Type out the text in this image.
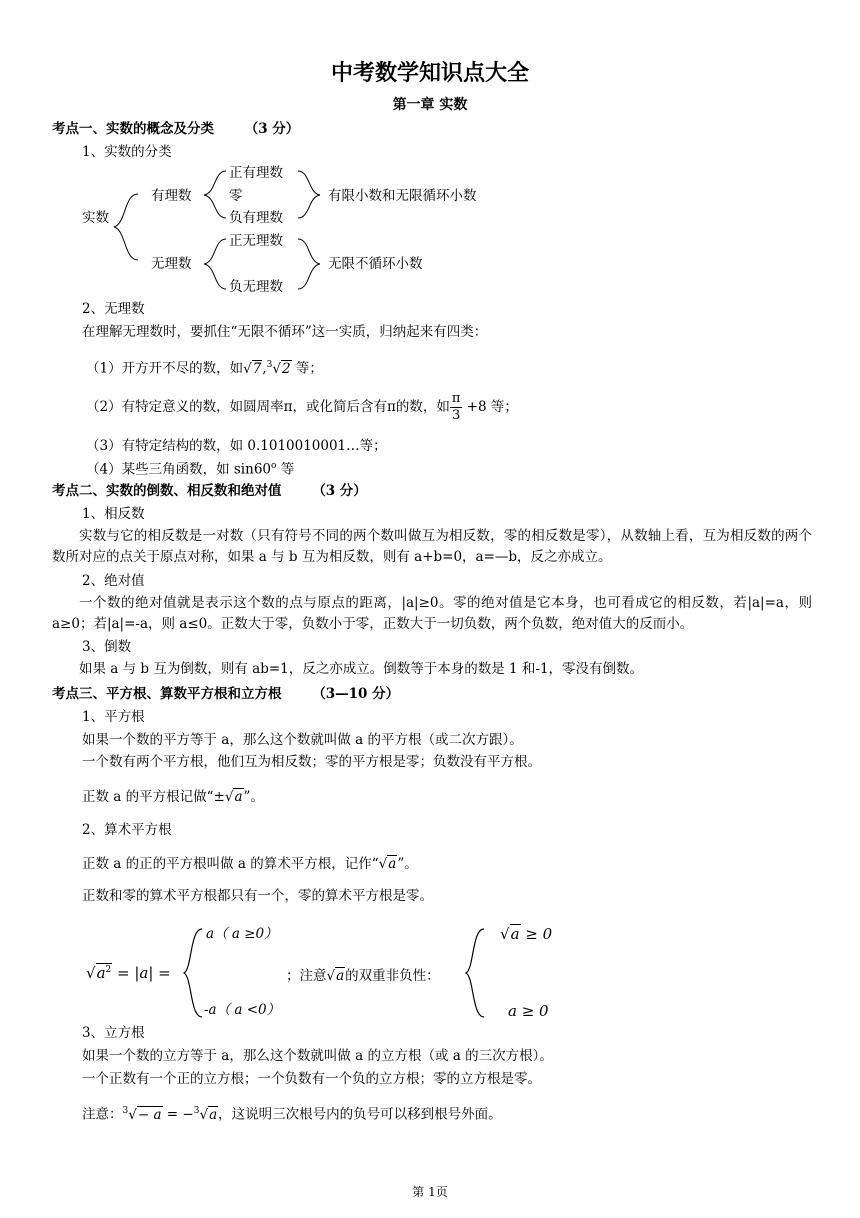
中考数学知识点大全
第一章 实数
考点一、实数的概念及分类 （3 分）
1、实数的分类
实数
有理数
无理数
正有理数
零
负有理数
有限小数和无限循环小数
正无理数
负无理数
无限不循环小数
2、无理数
在理解无理数时，要抓住“无限不循环”这一实质，归纳起来有四类：
（1）开方开不尽的数，如√7,$^3$√2 等；
（2）有特定意义的数，如圆周率π，或化简后含有π的数，如 $\frac{\pi}{3} +8$ 等；
（3）有特定结构的数，如 0.1010010001…等；
（4）某些三角函数，如 sin60$^o$ 等
考点二、实数的倒数、相反数和绝对值 （3 分）
1、相反数
实数与它的相反数是一对数（只有符号不同的两个数叫做互为相反数，零的相反数是零），从数轴上看，互为相反数的两个数所对应的点关于原点对称，如果 a 与 b 互为相反数，则有 a+b=0，a=—b，反之亦成立。
2、绝对值
一个数的绝对值就是表示这个数的点与原点的距离，|a|≥0。零的绝对值是它本身，也可看成它的相反数，若|a|=a，则 a≥0；若|a|=-a，则 a≤0。正数大于零，负数小于零，正数大于一切负数，两个负数，绝对值大的反而小。
3、倒数
如果 a 与 b 互为倒数，则有 ab=1，反之亦成立。倒数等于本身的数是 1 和-1，零没有倒数。
考点三、平方根、算数平方根和立方根 （3—10 分）
1、平方根
如果一个数的平方等于 a，那么这个数就叫做 a 的平方根（或二次方跟）。
一个数有两个平方根，他们互为相反数；零的平方根是零；负数没有平方根。
正数 a 的平方根记做“±√a”。
2、算术平方根
正数 a 的正的平方根叫做 a 的算术平方根，记作“√a”。
正数和零的算术平方根都只有一个，零的算术平方根是零。
$√a^2 = |a|$ =
a（ a ≥0）
-a（ a <0）
；注意√a的双重非负性：
√a ≥ 0
a ≥ 0
3、立方根
如果一个数的立方等于 a，那么这个数就叫做 a 的立方根（或 a 的三次方根）。
一个正数有一个正的立方根；一个负数有一个负的立方根；零的立方根是零。
注意：$^3$√− a = −$^3$√a，这说明三次根号内的负号可以移到根号外面。
第 1页
